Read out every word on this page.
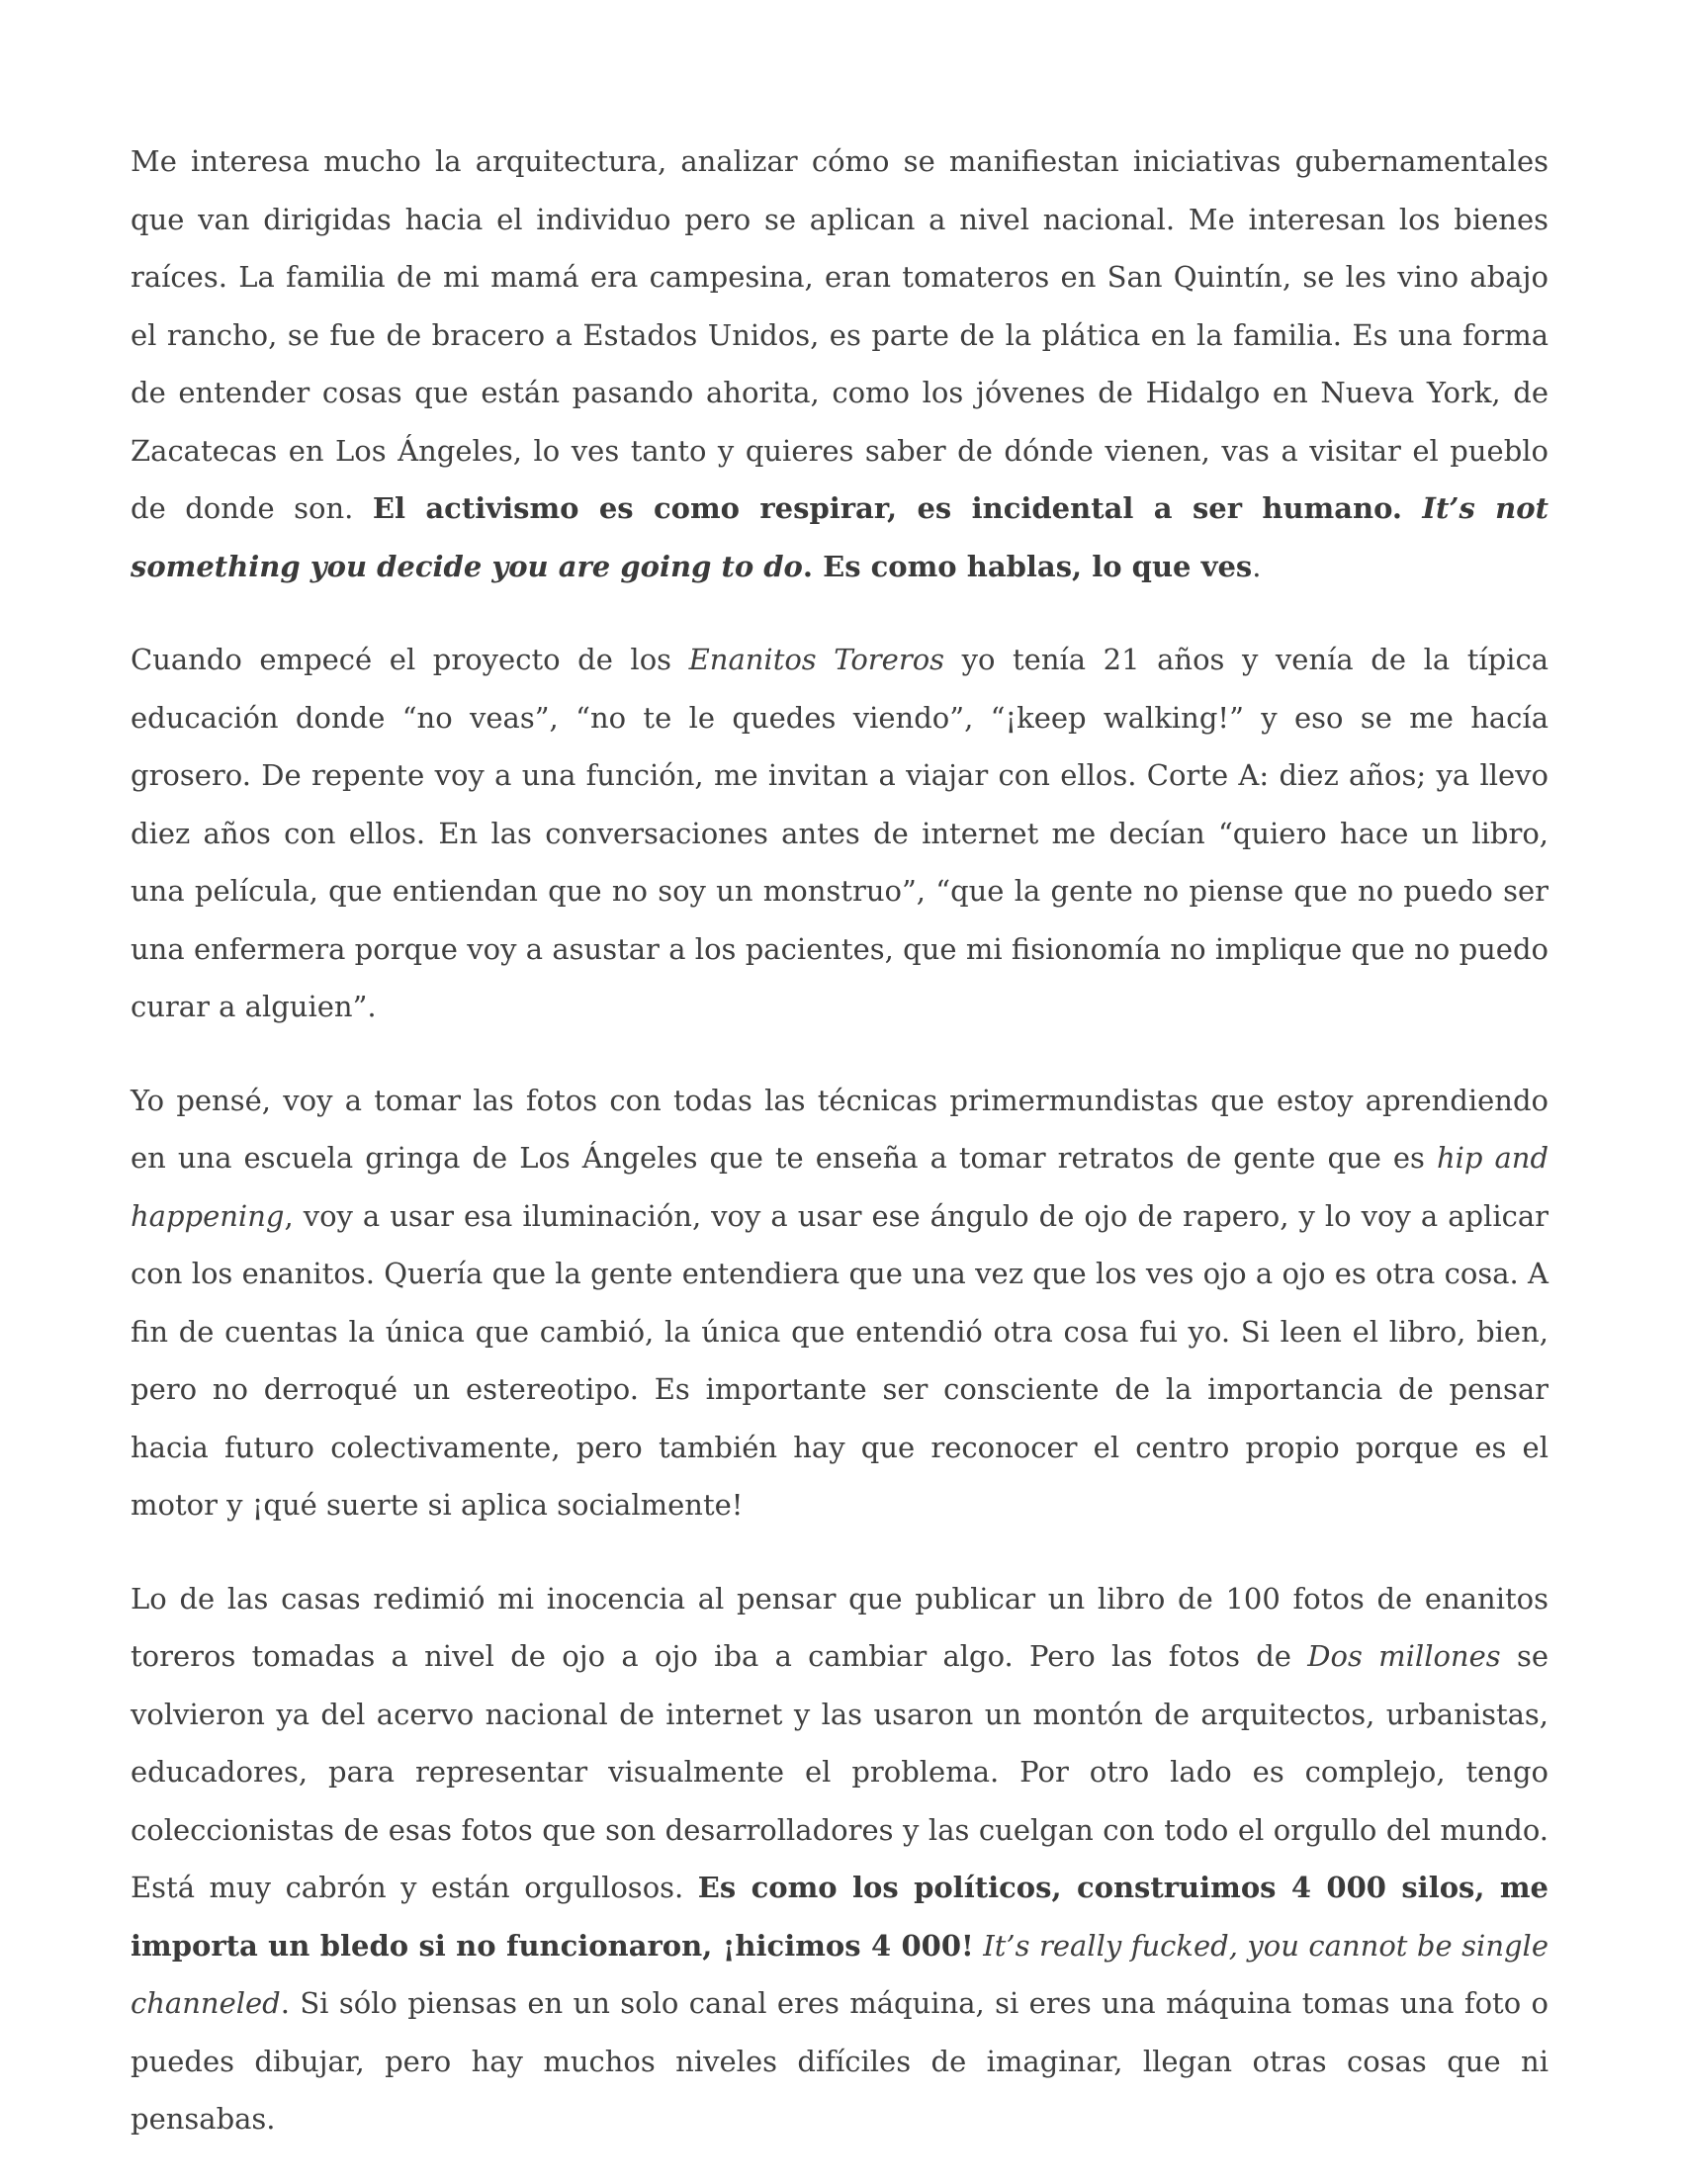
Me interesa mucho la arquitectura, analizar cómo se manifiestan iniciativas gubernamentales que van dirigidas hacia el individuo pero se aplican a nivel nacional. Me interesan los bienes raíces. La familia de mi mamá era campesina, eran tomateros en San Quintín, se les vino abajo el rancho, se fue de bracero a Estados Unidos, es parte de la plática en la familia. Es una forma de entender cosas que están pasando ahorita, como los jóvenes de Hidalgo en Nueva York, de Zacatecas en Los Ángeles, lo ves tanto y quieres saber de dónde vienen, vas a visitar el pueblo de donde son. El activismo es como respirar, es incidental a ser humano. It’s not something you decide you are going to do. Es como hablas, lo que ves.

Cuando empecé el proyecto de los Enanitos Toreros yo tenía 21 años y venía de la típica educación donde “no veas”, “no te le quedes viendo”, “¡keep walking!” y eso se me hacía grosero. De repente voy a una función, me invitan a viajar con ellos. Corte A: diez años; ya llevo diez años con ellos. En las conversaciones antes de internet me decían “quiero hace un libro, una película, que entiendan que no soy un monstruo”, “que la gente no piense que no puedo ser una enfermera porque voy a asustar a los pacientes, que mi fisionomía no implique que no puedo curar a alguien”.

Yo pensé, voy a tomar las fotos con todas las técnicas primermundistas que estoy aprendiendo en una escuela gringa de Los Ángeles que te enseña a tomar retratos de gente que es hip and happening, voy a usar esa iluminación, voy a usar ese ángulo de ojo de rapero, y lo voy a aplicar con los enanitos. Quería que la gente entendiera que una vez que los ves ojo a ojo es otra cosa. A fin de cuentas la única que cambió, la única que entendió otra cosa fui yo. Si leen el libro, bien, pero no derroqué un estereotipo. Es importante ser consciente de la importancia de pensar hacia futuro colectivamente, pero también hay que reconocer el centro propio porque es el motor y ¡qué suerte si aplica socialmente!

Lo de las casas redimió mi inocencia al pensar que publicar un libro de 100 fotos de enanitos toreros tomadas a nivel de ojo a ojo iba a cambiar algo. Pero las fotos de Dos millones se volvieron ya del acervo nacional de internet y las usaron un montón de arquitectos, urbanistas, educadores, para representar visualmente el problema. Por otro lado es complejo, tengo coleccionistas de esas fotos que son desarrolladores y las cuelgan con todo el orgullo del mundo. Está muy cabrón y están orgullosos. Es como los políticos, construimos 4 000 silos, me importa un bledo si no funcionaron, ¡hicimos 4 000! It’s really fucked, you cannot be single channeled. Si sólo piensas en un solo canal eres máquina, si eres una máquina tomas una foto o puedes dibujar, pero hay muchos niveles difíciles de imaginar, llegan otras cosas que ni pensabas.
